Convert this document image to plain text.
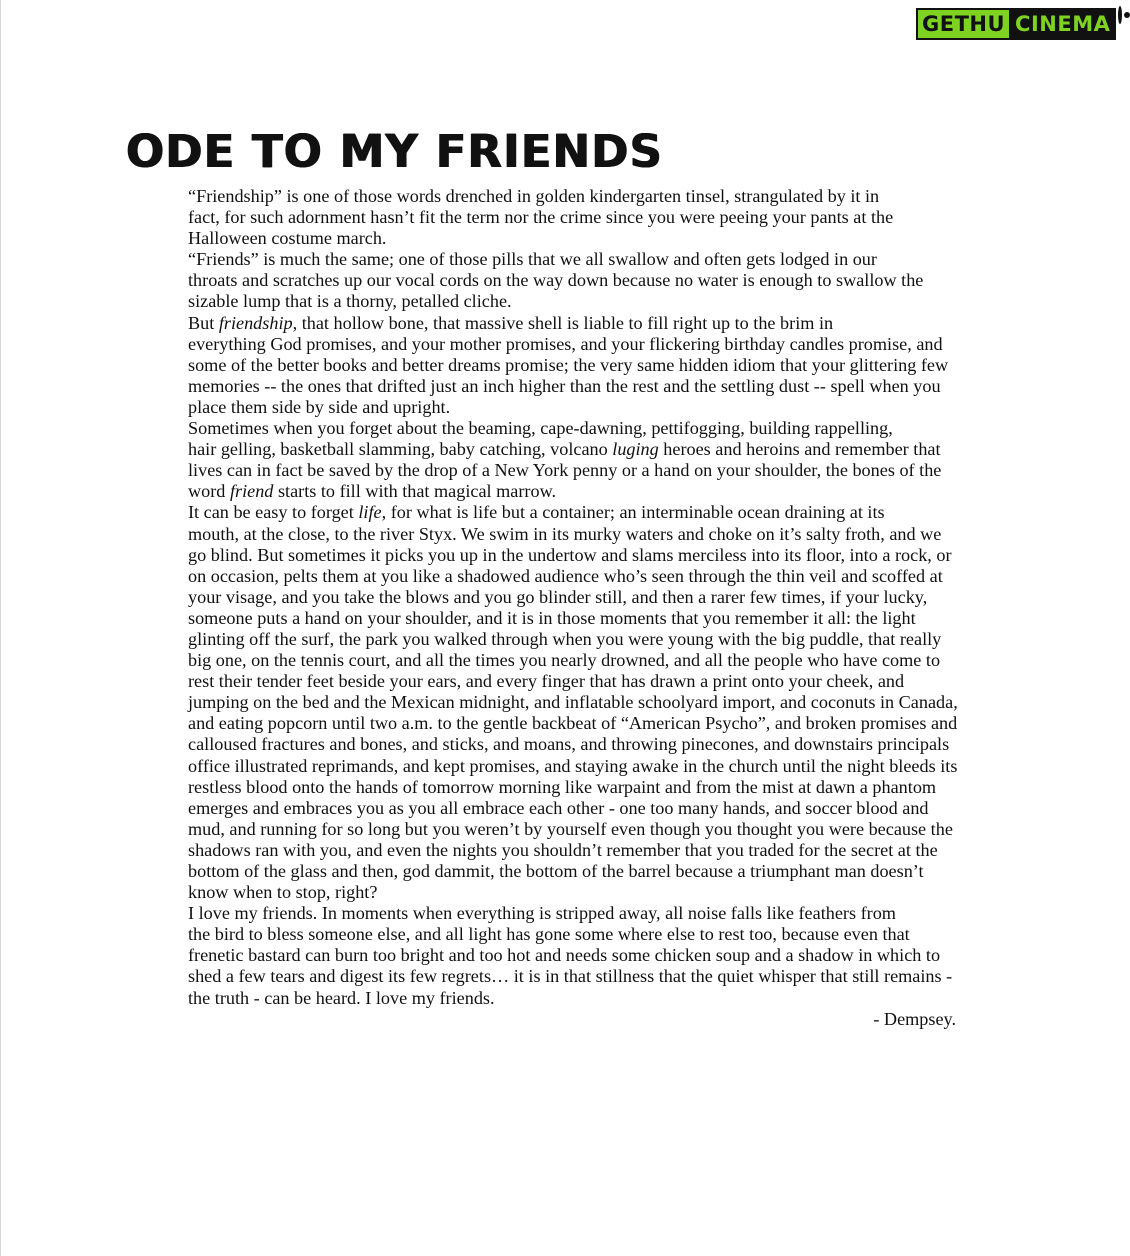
GETHU CINEMA
ODE TO MY FRIENDS

“Friendship” is one of those words drenched in golden kindergarten tinsel, strangulated by it in
fact, for such adornment hasn’t fit the term nor the crime since you were peeing your pants at the
Halloween costume march.

“Friends” is much the same; one of those pills that we all swallow and often gets lodged in our
throats and scratches up our vocal cords on the way down because no water is enough to swallow the
sizable lump that is a thorny, petalled cliche.

But friendship, that hollow bone, that massive shell is liable to fill right up to the brim in
everything God promises, and your mother promises, and your flickering birthday candles promise, and
some of the better books and better dreams promise; the very same hidden idiom that your glittering few
memories -- the ones that drifted just an inch higher than the rest and the settling dust -- spell when you
place them side by side and upright.

Sometimes when you forget about the beaming, cape-dawning, pettifogging, building rappelling,
hair gelling, basketball slamming, baby catching, volcano luging heroes and heroins and remember that
lives can in fact be saved by the drop of a New York penny or a hand on your shoulder, the bones of the
word friend starts to fill with that magical marrow.

It can be easy to forget life, for what is life but a container; an interminable ocean draining at its
mouth, at the close, to the river Styx. We swim in its murky waters and choke on it’s salty froth, and we
go blind. But sometimes it picks you up in the undertow and slams merciless into its floor, into a rock, or
on occasion, pelts them at you like a shadowed audience who’s seen through the thin veil and scoffed at
your visage, and you take the blows and you go blinder still, and then a rarer few times, if your lucky,
someone puts a hand on your shoulder, and it is in those moments that you remember it all: the light
glinting off the surf, the park you walked through when you were young with the big puddle, that really
big one, on the tennis court, and all the times you nearly drowned, and all the people who have come to
rest their tender feet beside your ears, and every finger that has drawn a print onto your cheek, and
jumping on the bed and the Mexican midnight, and inflatable schoolyard import, and coconuts in Canada,
and eating popcorn until two a.m. to the gentle backbeat of “American Psycho”, and broken promises and
calloused fractures and bones, and sticks, and moans, and throwing pinecones, and downstairs principals
office illustrated reprimands, and kept promises, and staying awake in the church until the night bleeds its
restless blood onto the hands of tomorrow morning like warpaint and from the mist at dawn a phantom
emerges and embraces you as you all embrace each other - one too many hands, and soccer blood and
mud, and running for so long but you weren’t by yourself even though you thought you were because the
shadows ran with you, and even the nights you shouldn’t remember that you traded for the secret at the
bottom of the glass and then, god dammit, the bottom of the barrel because a triumphant man doesn’t
know when to stop, right?

I love my friends. In moments when everything is stripped away, all noise falls like feathers from
the bird to bless someone else, and all light has gone some where else to rest too, because even that
frenetic bastard can burn too bright and too hot and needs some chicken soup and a shadow in which to
shed a few tears and digest its few regrets… it is in that stillness that the quiet whisper that still remains -
the truth - can be heard. I love my friends.

- Dempsey.
